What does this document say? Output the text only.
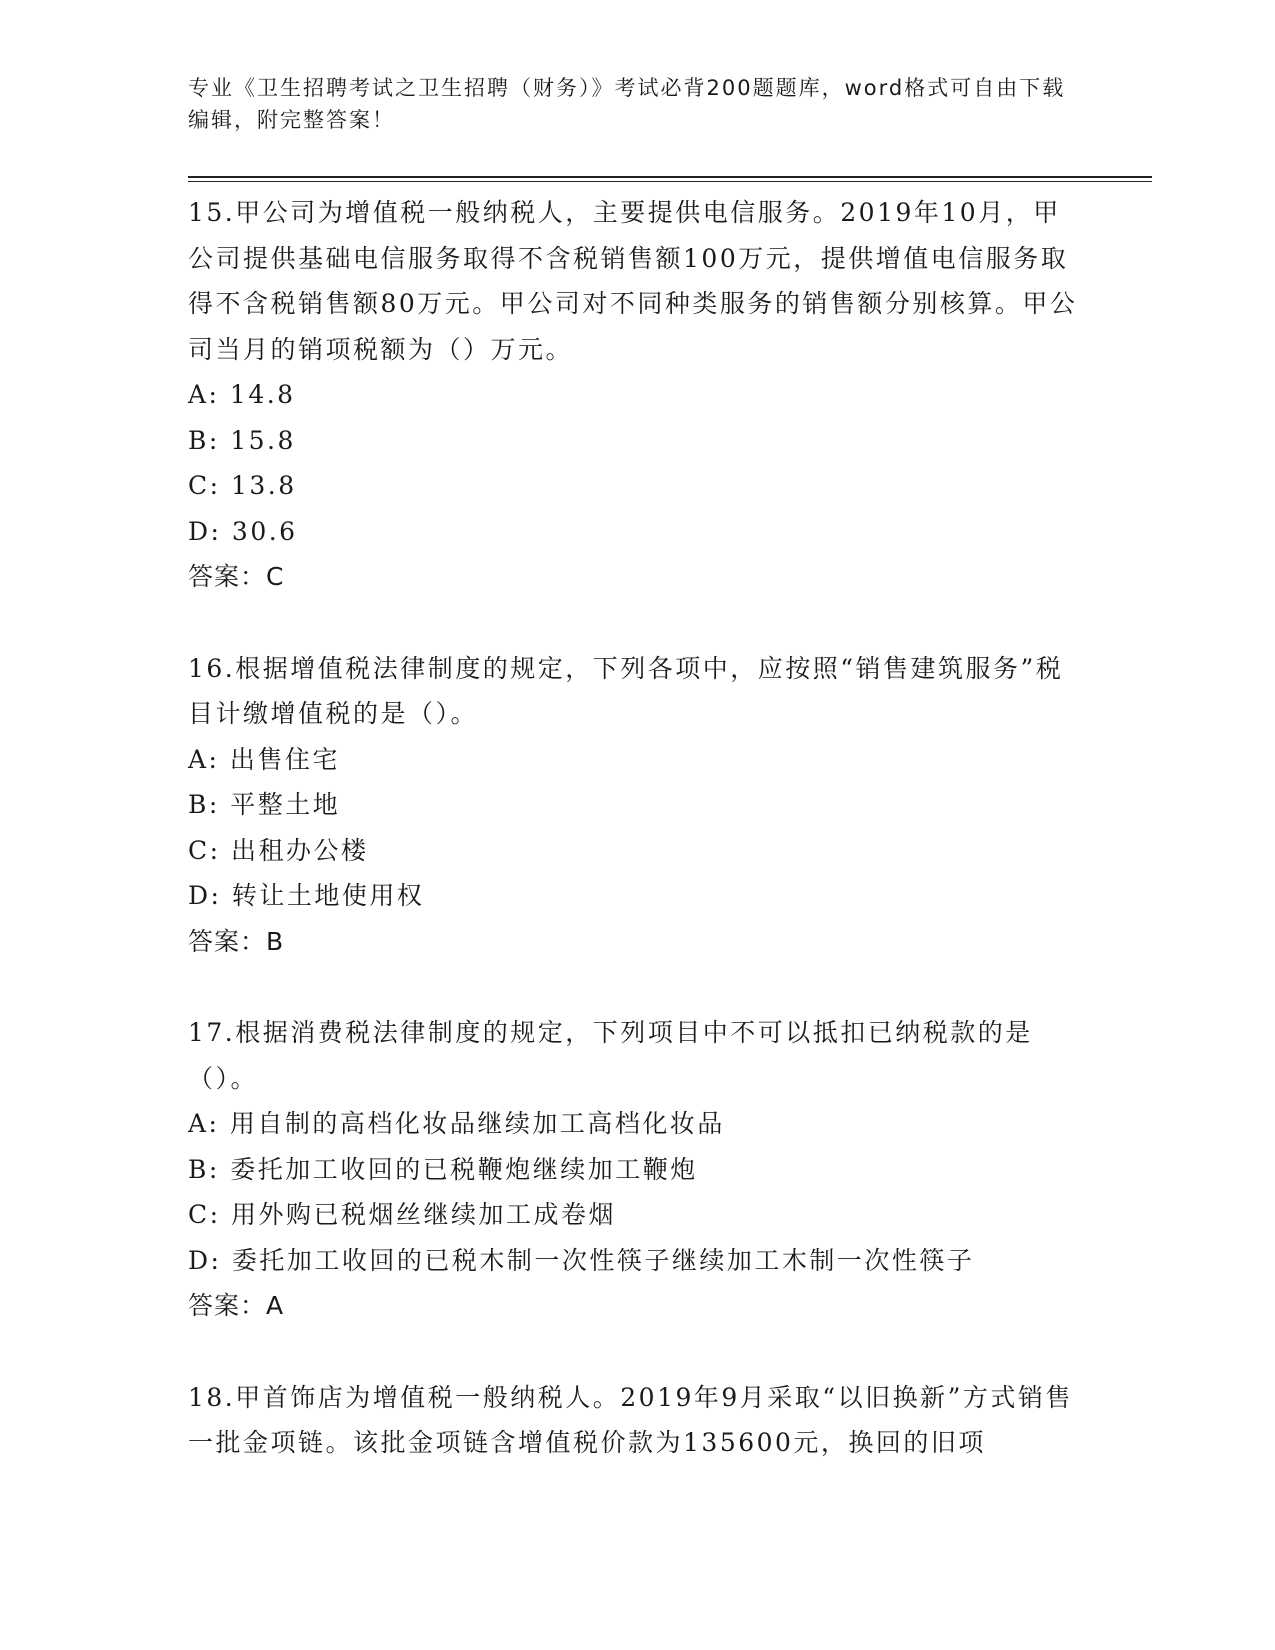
专业《卫生招聘考试之卫生招聘（财务）》考试必背200题题库，word格式可自由下载编辑，附完整答案！

15.甲公司为增值税一般纳税人，主要提供电信服务。2019年10月，甲公司提供基础电信服务取得不含税销售额100万元，提供增值电信服务取得不含税销售额80万元。甲公司对不同种类服务的销售额分别核算。甲公司当月的销项税额为（）万元。

A: 14.8
B: 15.8
C: 13.8
D: 30.6
答案：C

16.根据增值税法律制度的规定，下列各项中，应按照“销售建筑服务”税目计缴增值税的是（）。

A: 出售住宅
B: 平整土地
C: 出租办公楼
D: 转让土地使用权
答案：B

17.根据消费税法律制度的规定，下列项目中不可以抵扣已纳税款的是（）。

A: 用自制的高档化妆品继续加工高档化妆品
B: 委托加工收回的已税鞭炮继续加工鞭炮
C: 用外购已税烟丝继续加工成卷烟
D: 委托加工收回的已税木制一次性筷子继续加工木制一次性筷子
答案：A

18.甲首饰店为增值税一般纳税人。2019年9月采取“以旧换新”方式销售一批金项链。该批金项链含增值税价款为135600元，换回的旧项
